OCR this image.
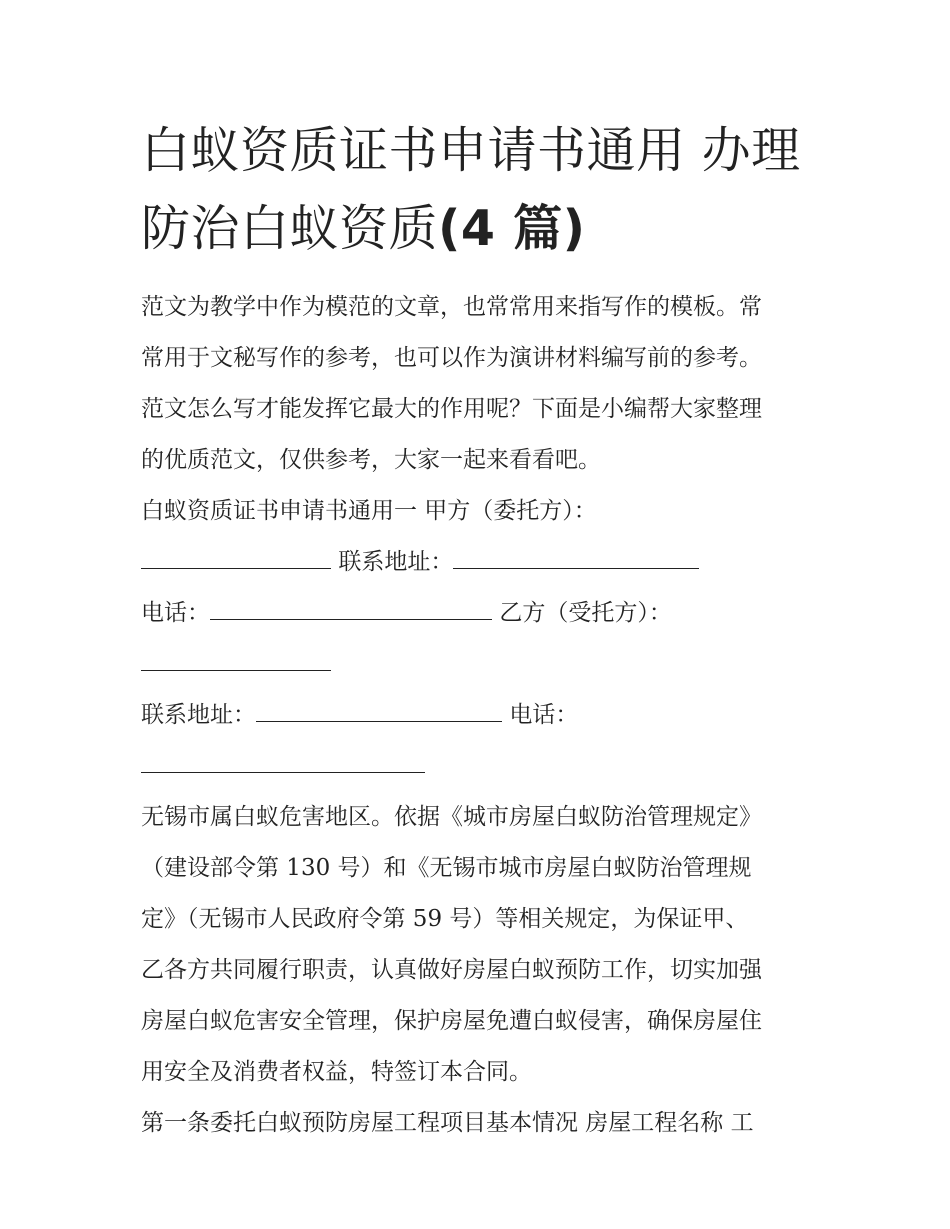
白蚁资质证书申请书通用 办理
防治白蚁资质(4 篇)

范文为教学中作为模范的文章，也常常用来指写作的模板。常

常用于文秘写作的参考，也可以作为演讲材料编写前的参考。

范文怎么写才能发挥它最大的作用呢？下面是小编帮大家整理

的优质范文，仅供参考，大家一起来看看吧。

白蚁资质证书申请书通用一 甲方（委托方）：

联系地址：
电话：	乙方（受托方）：
联系地址：	电话：

无锡市属白蚁危害地区。依据《城市房屋白蚁防治管理规定》

（建设部令第 130 号）和《无锡市城市房屋白蚁防治管理规

定》（无锡市人民政府令第 59 号）等相关规定，为保证甲、

乙各方共同履行职责，认真做好房屋白蚁预防工作，切实加强

房屋白蚁危害安全管理，保护房屋免遭白蚁侵害，确保房屋住

用安全及消费者权益，特签订本合同。

第一条委托白蚁预防房屋工程项目基本情况 房屋工程名称 工
